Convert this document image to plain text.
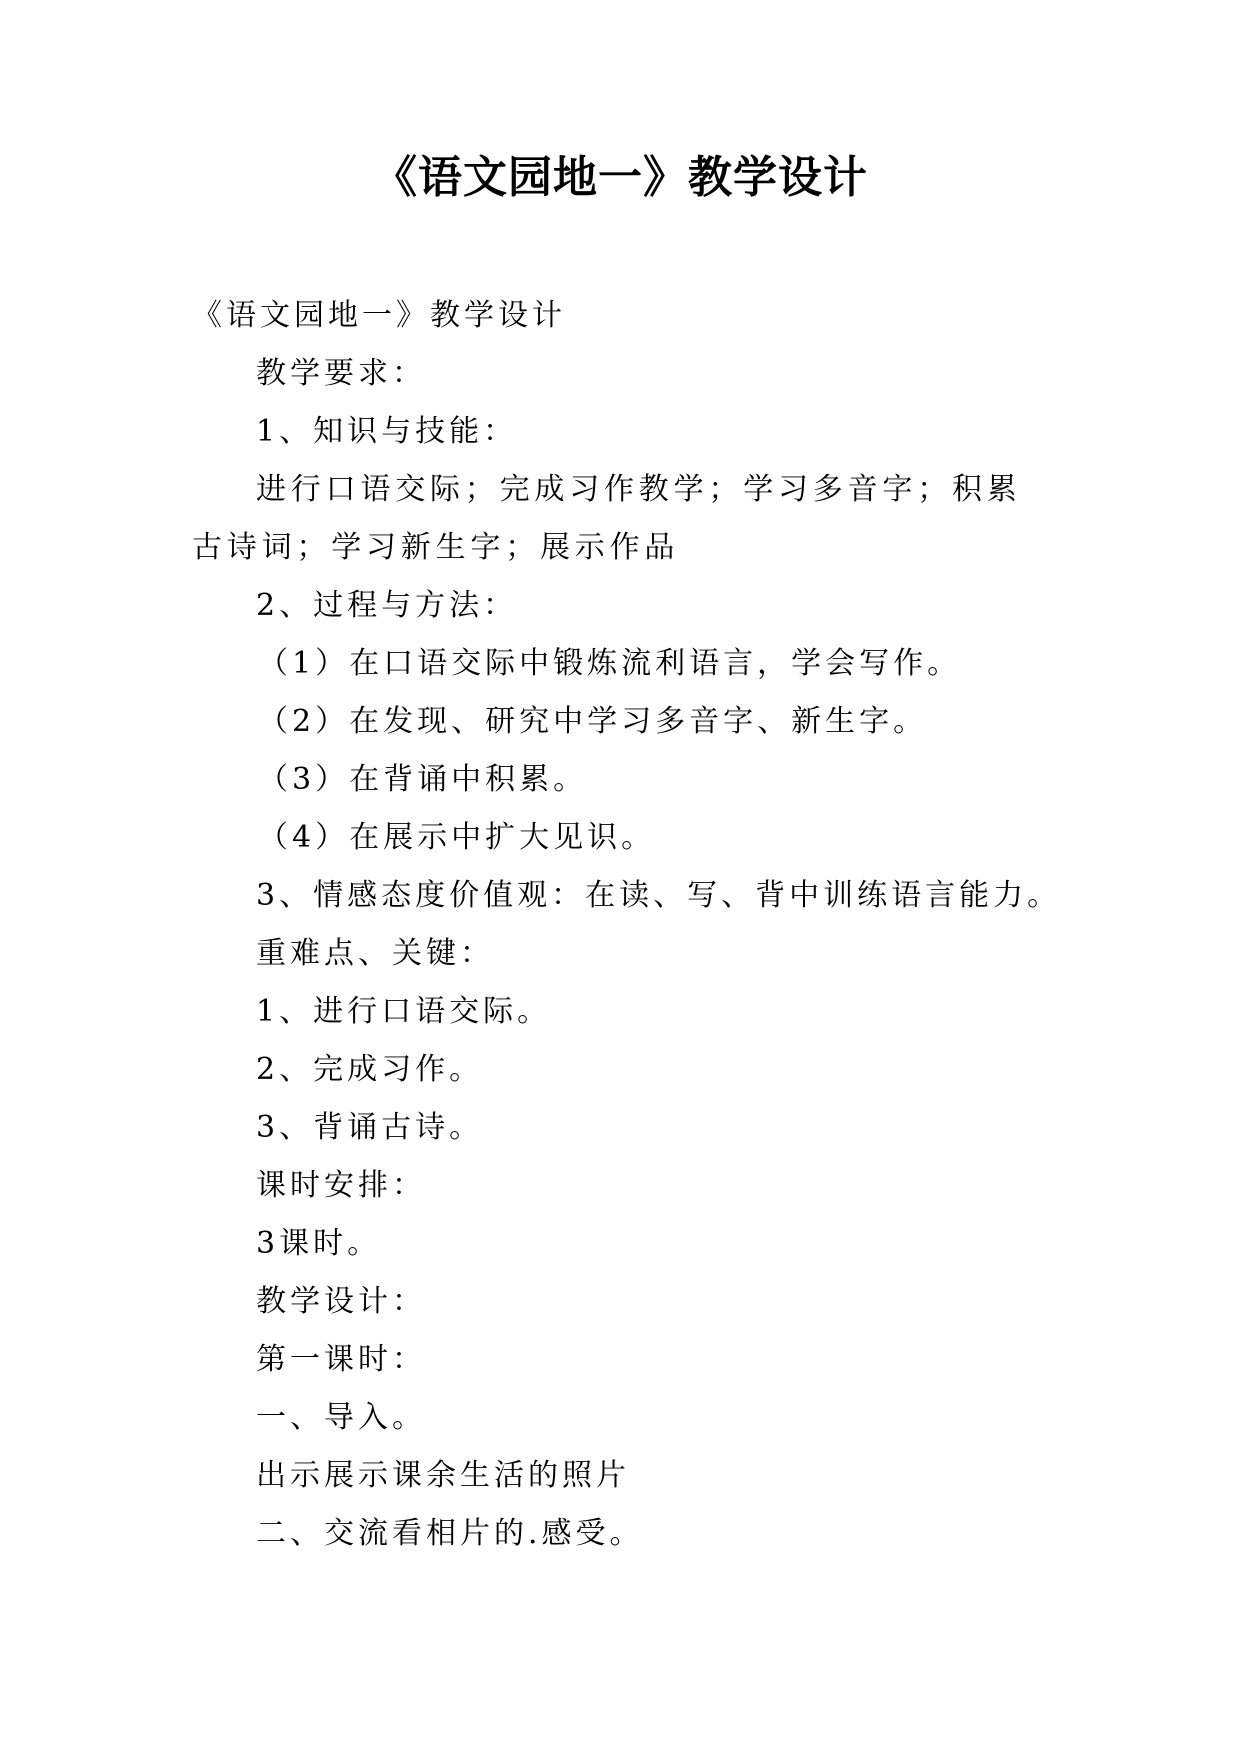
《语文园地一》教学设计

《语文园地一》教学设计

教学要求：

1、知识与技能：

进行口语交际；完成习作教学；学习多音字；积累古诗词；学习新生字；展示作品

2、过程与方法：

（1）在口语交际中锻炼流利语言，学会写作。

（2）在发现、研究中学习多音字、新生字。

（3）在背诵中积累。

（4）在展示中扩大见识。

3、情感态度价值观：在读、写、背中训练语言能力。

重难点、关键：

1、进行口语交际。

2、完成习作。

3、背诵古诗。

课时安排：

3课时。

教学设计：

第一课时：

一、导入。

出示展示课余生活的照片

二、交流看相片的.感受。
